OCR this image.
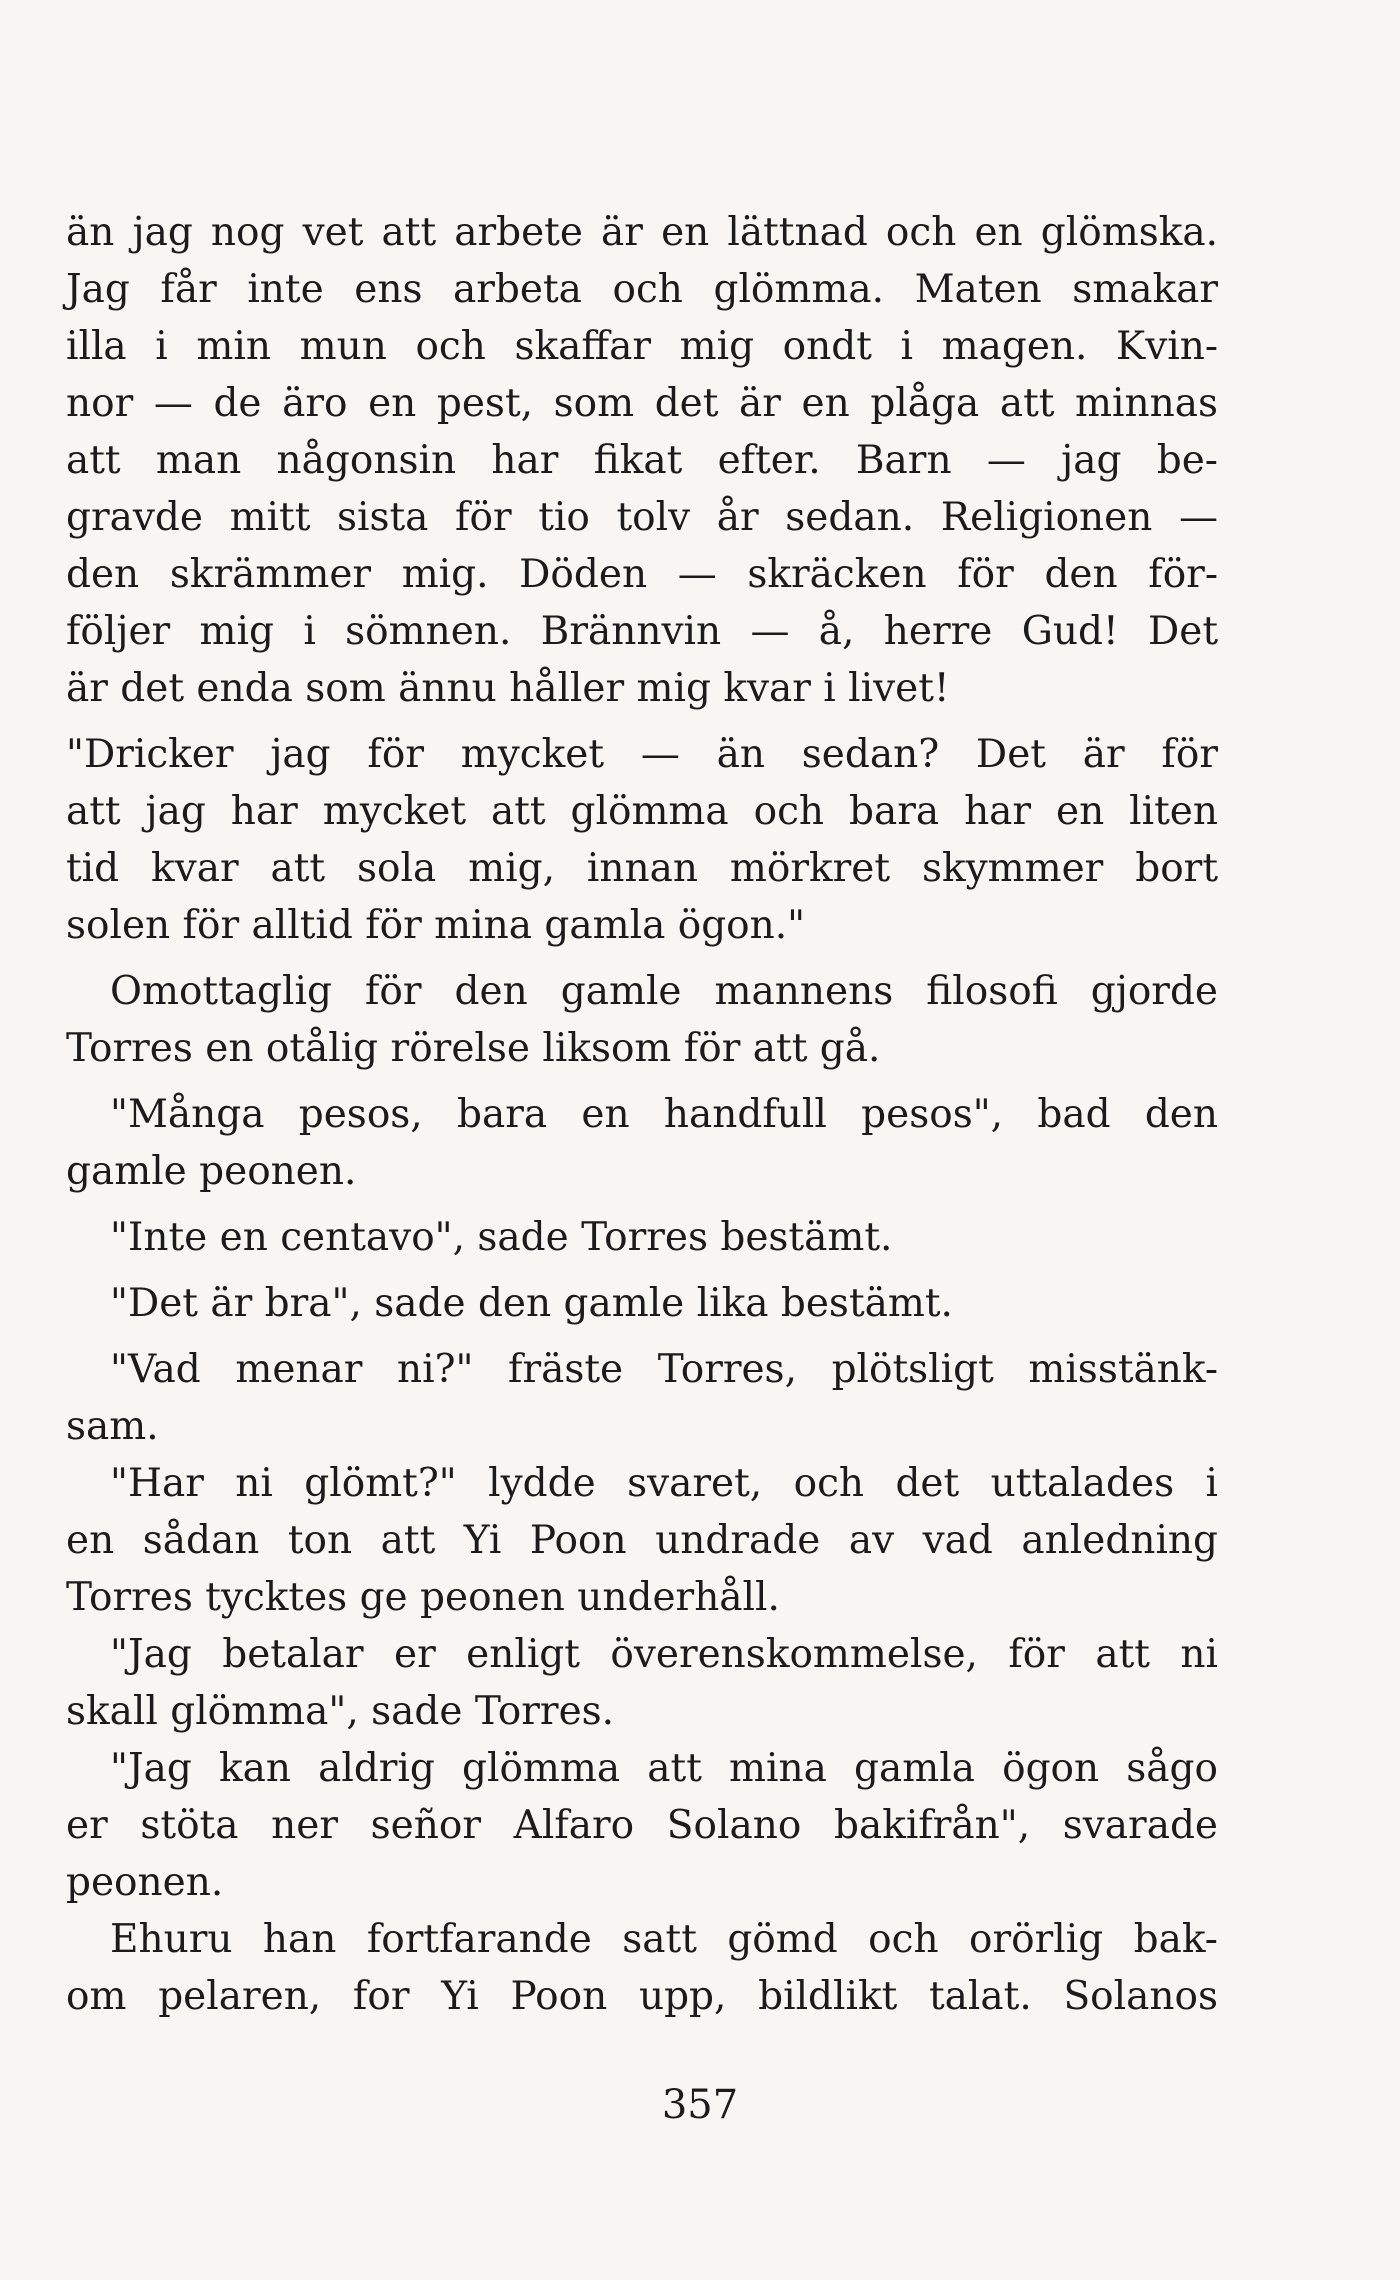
än jag nog vet att arbete är en lättnad och en glömska.
Jag får inte ens arbeta och glömma. Maten smakar
illa i min mun och skaffar mig ondt i magen. Kvin-
nor — de äro en pest, som det är en plåga att minnas
att man någonsin har fikat efter. Barn — jag be-
gravde mitt sista för tio tolv år sedan. Religionen —
den skrämmer mig. Döden — skräcken för den för-
följer mig i sömnen. Brännvin — å, herre Gud! Det
är det enda som ännu håller mig kvar i livet!
"Dricker jag för mycket — än sedan? Det är för
att jag har mycket att glömma och bara har en liten
tid kvar att sola mig, innan mörkret skymmer bort
solen för alltid för mina gamla ögon."
Omottaglig för den gamle mannens filosofi gjorde
Torres en otålig rörelse liksom för att gå.
"Många pesos, bara en handfull pesos", bad den
gamle peonen.
"Inte en centavo", sade Torres bestämt.
"Det är bra", sade den gamle lika bestämt.
"Vad menar ni?" fräste Torres, plötsligt misstänk-
sam.
"Har ni glömt?" lydde svaret, och det uttalades i
en sådan ton att Yi Poon undrade av vad anledning
Torres tycktes ge peonen underhåll.
"Jag betalar er enligt överenskommelse, för att ni
skall glömma", sade Torres.
"Jag kan aldrig glömma att mina gamla ögon sågo
er stöta ner señor Alfaro Solano bakifrån", svarade
peonen.
Ehuru han fortfarande satt gömd och orörlig bak-
om pelaren, for Yi Poon upp, bildlikt talat. Solanos
357
